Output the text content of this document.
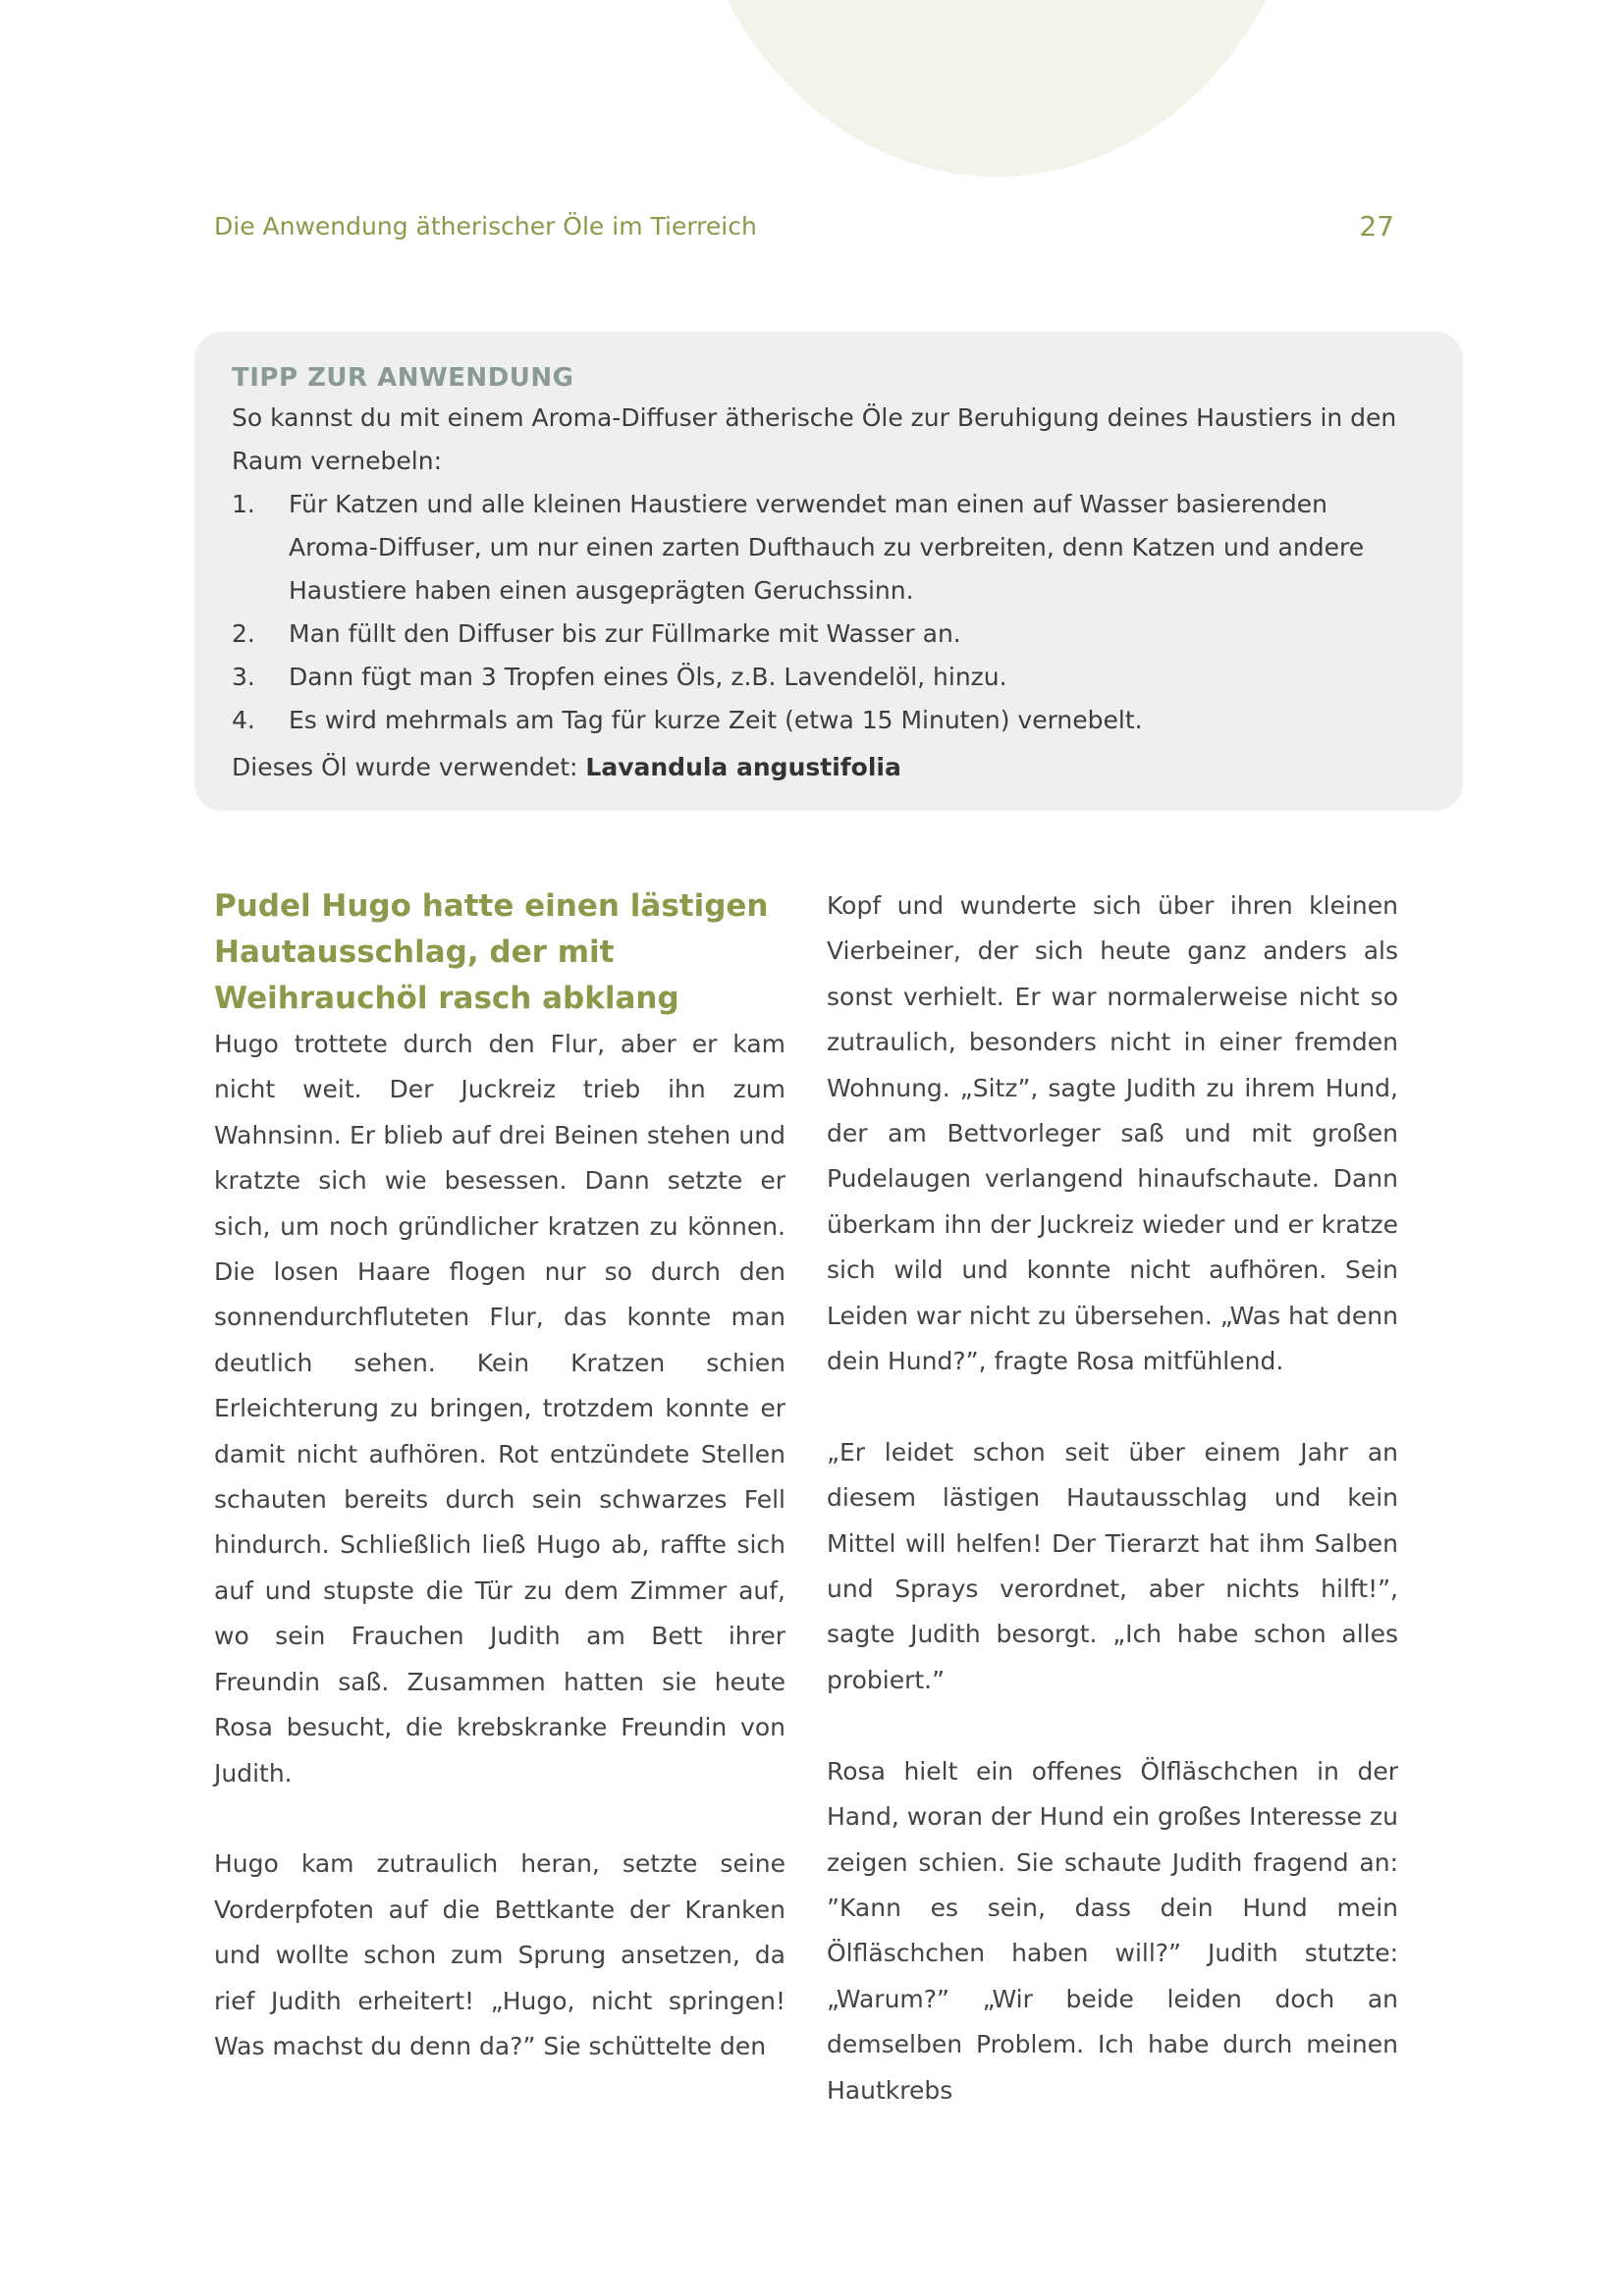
Die Anwendung ätherischer Öle im Tierreich	27
TIPP ZUR ANWENDUNG
So kannst du mit einem Aroma-Diffuser ätherische Öle zur Beruhigung deines Haustiers in den Raum vernebeln:
1. Für Katzen und alle kleinen Haustiere verwendet man einen auf Wasser basierenden Aroma-Diffuser, um nur einen zarten Dufthauch zu verbreiten, denn Katzen und andere Haustiere haben einen ausgeprägten Geruchssinn.
2. Man füllt den Diffuser bis zur Füllmarke mit Wasser an.
3. Dann fügt man 3 Tropfen eines Öls, z.B. Lavendelöl, hinzu.
4. Es wird mehrmals am Tag für kurze Zeit (etwa 15 Minuten) vernebelt.
Dieses Öl wurde verwendet: Lavandula angustifolia
Pudel Hugo hatte einen lästigen Hautausschlag, der mit Weihrauchöl rasch abklang

Hugo trottete durch den Flur, aber er kam nicht weit. Der Juckreiz trieb ihn zum Wahnsinn. Er blieb auf drei Beinen stehen und kratzte sich wie besessen. Dann setzte er sich, um noch gründlicher kratzen zu können. Die losen Haare flogen nur so durch den sonnendurchfluteten Flur, das konnte man deutlich sehen. Kein Kratzen schien Erleichterung zu bringen, trotzdem konnte er damit nicht aufhören. Rot entzündete Stellen schauten bereits durch sein schwarzes Fell hindurch. Schließlich ließ Hugo ab, raffte sich auf und stupste die Tür zu dem Zimmer auf, wo sein Frauchen Judith am Bett ihrer Freundin saß. Zusammen hatten sie heute Rosa besucht, die krebskranke Freundin von Judith.

Hugo kam zutraulich heran, setzte seine Vorderpfoten auf die Bettkante der Kranken und wollte schon zum Sprung ansetzen, da rief Judith erheitert! „Hugo, nicht springen! Was machst du denn da?” Sie schüttelte den

Kopf und wunderte sich über ihren kleinen Vierbeiner, der sich heute ganz anders als sonst verhielt. Er war normalerweise nicht so zutraulich, besonders nicht in einer fremden Wohnung. „Sitz”, sagte Judith zu ihrem Hund, der am Bettvorleger saß und mit großen Pudelaugen verlangend hinaufschaute. Dann überkam ihn der Juckreiz wieder und er kratze sich wild und konnte nicht aufhören. Sein Leiden war nicht zu übersehen. „Was hat denn dein Hund?”, fragte Rosa mitfühlend.

„Er leidet schon seit über einem Jahr an diesem lästigen Hautausschlag und kein Mittel will helfen! Der Tierarzt hat ihm Salben und Sprays verordnet, aber nichts hilft!”, sagte Judith besorgt. „Ich habe schon alles probiert.”

Rosa hielt ein offenes Ölfläschchen in der Hand, woran der Hund ein großes Interesse zu zeigen schien. Sie schaute Judith fragend an: ”Kann es sein, dass dein Hund mein Ölfläschchen haben will?” Judith stutzte: „Warum?” „Wir beide leiden doch an demselben Problem. Ich habe durch meinen Hautkrebs
